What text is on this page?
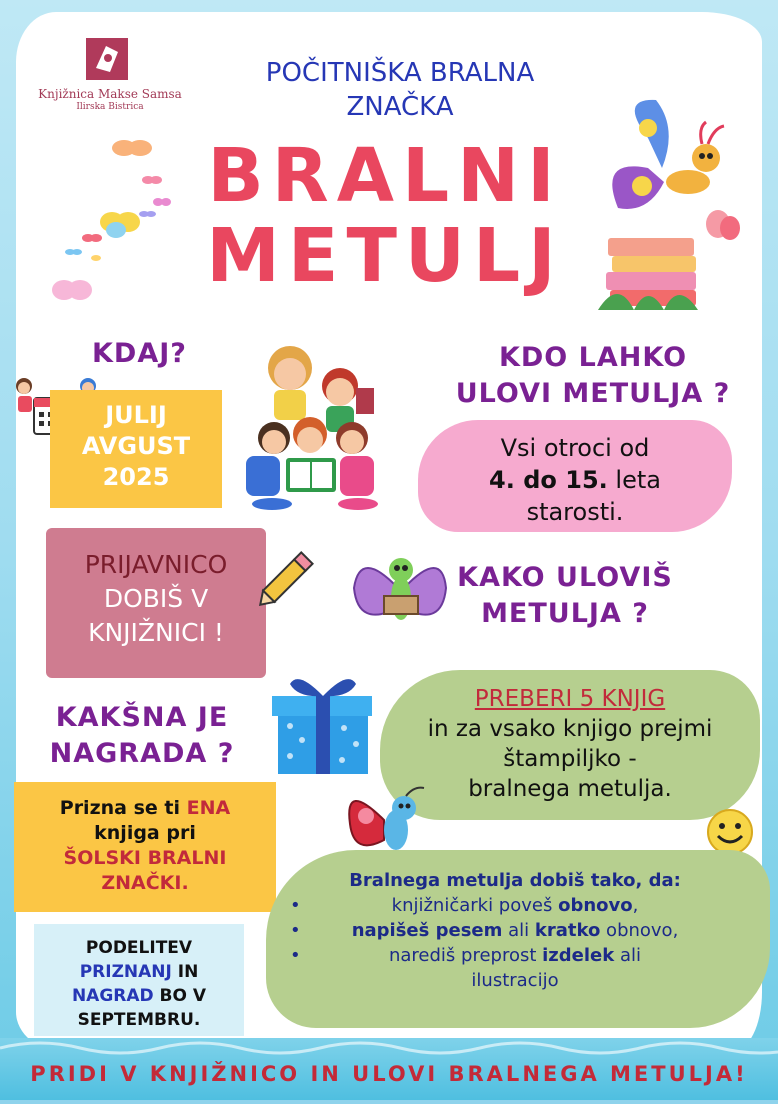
Knjižnica Makse Samsa
Ilirska Bistrica
POČITNIŠKA BRALNA
ZNAČKA
BRALNI
METULJ
KDAJ?
JULIJ
AVGUST
2025
KDO LAHKO
ULOVI METULJA ?
Vsi otroci od
4. do 15. leta
starosti.
PRIJAVNICO
DOBIŠ V
KNJIŽNICI !
KAKO ULOVIŠ
METULJA ?
PREBERI 5 KNJIG
in za vsako knjigo prejmi
štampiljko -
bralnega metulja.
KAKŠNA JE
NAGRADA ?
Prizna se ti ENA
knjiga pri
ŠOLSKI BRALNI
ZNAČKI.
PODELITEV
PRIZNANJ IN
NAGRAD BO V
SEPTEMBRU.
Bralnega metulja dobiš tako, da:
•	knjižničarki poveš obnovo,
•	napišeš pesem ali kratko obnovo,
•	narediš preprost izdelek ali
ilustracijo
PRIDI V KNJIŽNICO IN ULOVI BRALNEGA METULJA!
